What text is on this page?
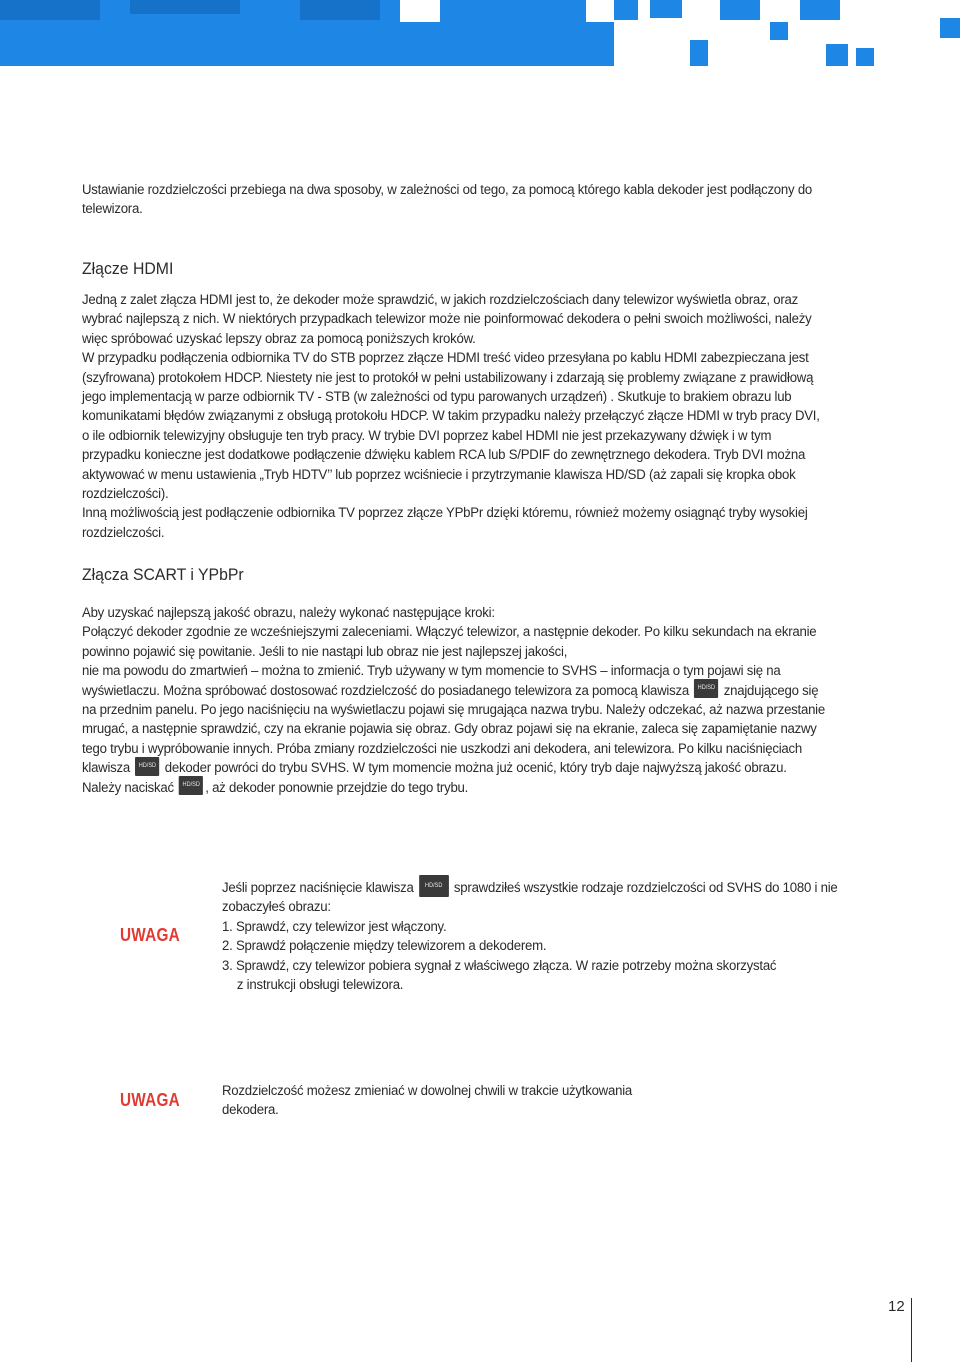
Ustawianie rozdzielczości przebiega na dwa sposoby, w zależności od tego, za pomocą którego kabla dekoder jest podłączony do telewizora.

Złącze HDMI

Jedną z zalet złącza HDMI jest to, że dekoder może sprawdzić, w jakich rozdzielczościach dany telewizor wyświetla obraz, oraz wybrać najlepszą z nich. W niektórych przypadkach telewizor może nie poinformować dekodera o pełni swoich możliwości, należy więc spróbować uzyskać lepszy obraz za pomocą poniższych kroków.

W przypadku podłączenia odbiornika TV do STB poprzez złącze HDMI treść video przesyłana po kablu HDMI zabezpieczana jest (szyfrowana) protokołem HDCP. Niestety nie jest to protokół w pełni ustabilizowany i zdarzają się problemy związane z prawidłową jego implementacją w parze odbiornik TV - STB (w zależności od typu parowanych urządzeń) . Skutkuje to brakiem obrazu lub komunikatami błędów związanymi z obsługą protokołu HDCP. W takim przypadku należy przełączyć złącze HDMI w tryb pracy DVI, o ile odbiornik telewizyjny obsługuje ten tryb pracy. W trybie DVI poprzez kabel HDMI nie jest przekazywany dźwięk i w tym przypadku konieczne jest dodatkowe podłączenie dźwięku kablem RCA lub S/PDIF do zewnętrznego dekodera. Tryb DVI można aktywować w menu ustawienia „Tryb HDTV’’ lub poprzez wciśniecie i przytrzymanie klawisza HD/SD (aż zapali się kropka obok rozdzielczości).

Inną możliwością jest podłączenie odbiornika TV poprzez złącze YPbPr dzięki któremu, również możemy osiągnąć tryby wysokiej rozdzielczości.

Złącza SCART i YPbPr

Aby uzyskać najlepszą jakość obrazu, należy wykonać następujące kroki:

Połączyć dekoder zgodnie ze wcześniejszymi zaleceniami. Włączyć telewizor, a następnie dekoder. Po kilku sekundach na ekranie powinno pojawić się powitanie. Jeśli to nie nastąpi lub obraz nie jest najlepszej jakości,

nie ma powodu do zmartwień – można to zmienić. Tryb używany w tym momencie to SVHS – informacja o tym pojawi się na wyświetlaczu. Można spróbować dostosować rozdzielczość do posiadanego telewizora za pomocą klawisza HD/SD znajdującego się na przednim panelu. Po jego naciśnięciu na wyświetlaczu pojawi się mrugająca nazwa trybu. Należy odczekać, aż nazwa przestanie mrugać, a następnie sprawdzić, czy na ekranie pojawia się obraz. Gdy obraz pojawi się na ekranie, zaleca się zapamiętanie nazwy tego trybu i wypróbowanie innych. Próba zmiany rozdzielczości nie uszkodzi ani dekodera, ani telewizora. Po kilku naciśnięciach klawisza HD/SD dekoder powróci do trybu SVHS. W tym momencie można już ocenić, który tryb daje najwyższą jakość obrazu. Należy naciskać HD/SD , aż dekoder ponownie przejdzie do tego trybu.

UWAGA

Jeśli poprzez naciśnięcie klawisza HD/SD sprawdziłeś wszystkie rodzaje rozdzielczości od SVHS do 1080 i nie zobaczyłeś obrazu:

1. Sprawdź, czy telewizor jest włączony.

2. Sprawdź połączenie między telewizorem a dekoderem.

3. Sprawdź, czy telewizor pobiera sygnał z właściwego złącza. W razie potrzeby można skorzystać

z instrukcji obsługi telewizora.

UWAGA	Rozdzielczość możesz zmieniać w dowolnej chwili w trakcie użytkowania dekodera.

12
